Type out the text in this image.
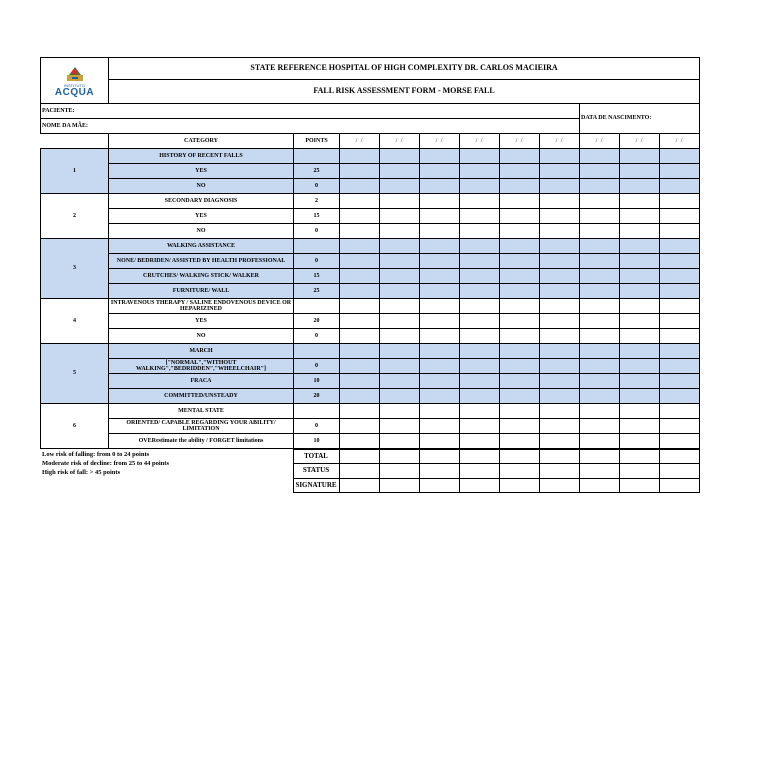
INSTITUTO
ACQUA	STATE REFERENCE HOSPITAL OF HIGH COMPLEXITY DR. CARLOS MACIEIRA										
	FALL RISK ASSESSMENT FORM - MORSE FALL										
PACIENTE:									DATA DE NASCIMENTO:		
NOME DA MÃE:											
	CATEGORY	POINTS	/ /	/ /	/ /	/ /	/ /	/ /	/ /	/ /	/ /
1	HISTORY OF RECENT FALLS										
	YES	25									
	NO	0									
2	SECONDARY DIAGNOSIS	2									
	YES	15									
	NO	0									
3	WALKING ASSISTANCE										
	NONE/ BEDRIDEN/ ASSISTED BY HEALTH PROFESSIONAL	0									
	CRUTCHES/ WALKING STICK/ WALKER	15									
	FURNITURE/ WALL	25									
4	INTRAVENOUS THERAPY / SALINE ENDOVENOUS DEVICE OR HEPARIZINED										
	YES	20									
	NO	0									
5	MARCH										
	["NORMAL","WITHOUT WALKING","BEDRIDDEN","WHEELCHAIR"]	0									
	FRACA	10									
	COMMITTED/UNSTEADY	20									
6	MENTAL STATE										
	ORIENTED/ CAPABLE REGARDING YOUR ABILITY/ LIMITATION	0									
	OVERestimate the ability / FORGET limitations	10									
Low risk of falling: from 0 to 24 points
Moderate risk of decline: from 25 to 44 points
High risk of fall: > 45 points	TOTAL									
	STATUS									
	SIGNATURE									
